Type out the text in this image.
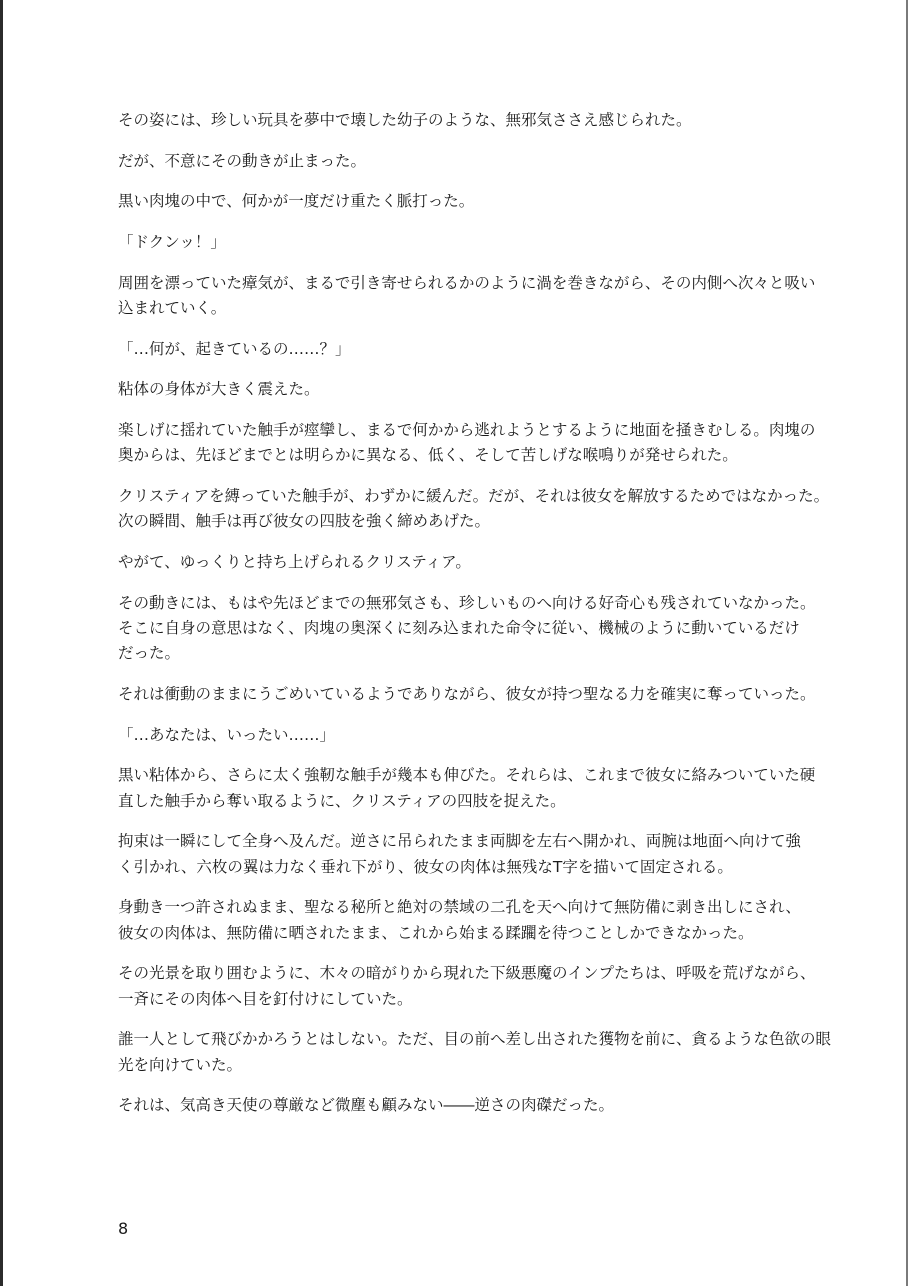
その姿には、珍しい玩具を夢中で壊した幼子のような、無邪気ささえ感じられた。

だが、不意にその動きが止まった。

黒い肉塊の中で、何かが一度だけ重たく脈打った。

「ドクンッ！」

周囲を漂っていた瘴気が、まるで引き寄せられるかのように渦を巻きながら、その内側へ次々と吸い
込まれていく。

「…何が、起きているの……？」

粘体の身体が大きく震えた。

楽しげに揺れていた触手が痙攣し、まるで何かから逃れようとするように地面を掻きむしる。肉塊の
奥からは、先ほどまでとは明らかに異なる、低く、そして苦しげな喉鳴りが発せられた。

クリスティアを縛っていた触手が、わずかに緩んだ。だが、それは彼女を解放するためではなかった。
次の瞬間、触手は再び彼女の四肢を強く締めあげた。

やがて、ゆっくりと持ち上げられるクリスティア。

その動きには、もはや先ほどまでの無邪気さも、珍しいものへ向ける好奇心も残されていなかった。
そこに自身の意思はなく、肉塊の奥深くに刻み込まれた命令に従い、機械のように動いているだけ
だった。

それは衝動のままにうごめいているようでありながら、彼女が持つ聖なる力を確実に奪っていった。

「…あなたは、いったい……」

黒い粘体から、さらに太く強靭な触手が幾本も伸びた。それらは、これまで彼女に絡みついていた硬
直した触手から奪い取るように、クリスティアの四肢を捉えた。

拘束は一瞬にして全身へ及んだ。逆さに吊られたまま両脚を左右へ開かれ、両腕は地面へ向けて強
く引かれ、六枚の翼は力なく垂れ下がり、彼女の肉体は無残なT字を描いて固定される。

身動き一つ許されぬまま、聖なる秘所と絶対の禁域の二孔を天へ向けて無防備に剥き出しにされ、
彼女の肉体は、無防備に晒されたまま、これから始まる蹂躙を待つことしかできなかった。

その光景を取り囲むように、木々の暗がりから現れた下級悪魔のインプたちは、呼吸を荒げながら、
一斉にその肉体へ目を釘付けにしていた。

誰一人として飛びかかろうとはしない。ただ、目の前へ差し出された獲物を前に、貪るような色欲の眼
光を向けていた。

それは、気高き天使の尊厳など微塵も顧みない――逆さの肉磔だった。

8
